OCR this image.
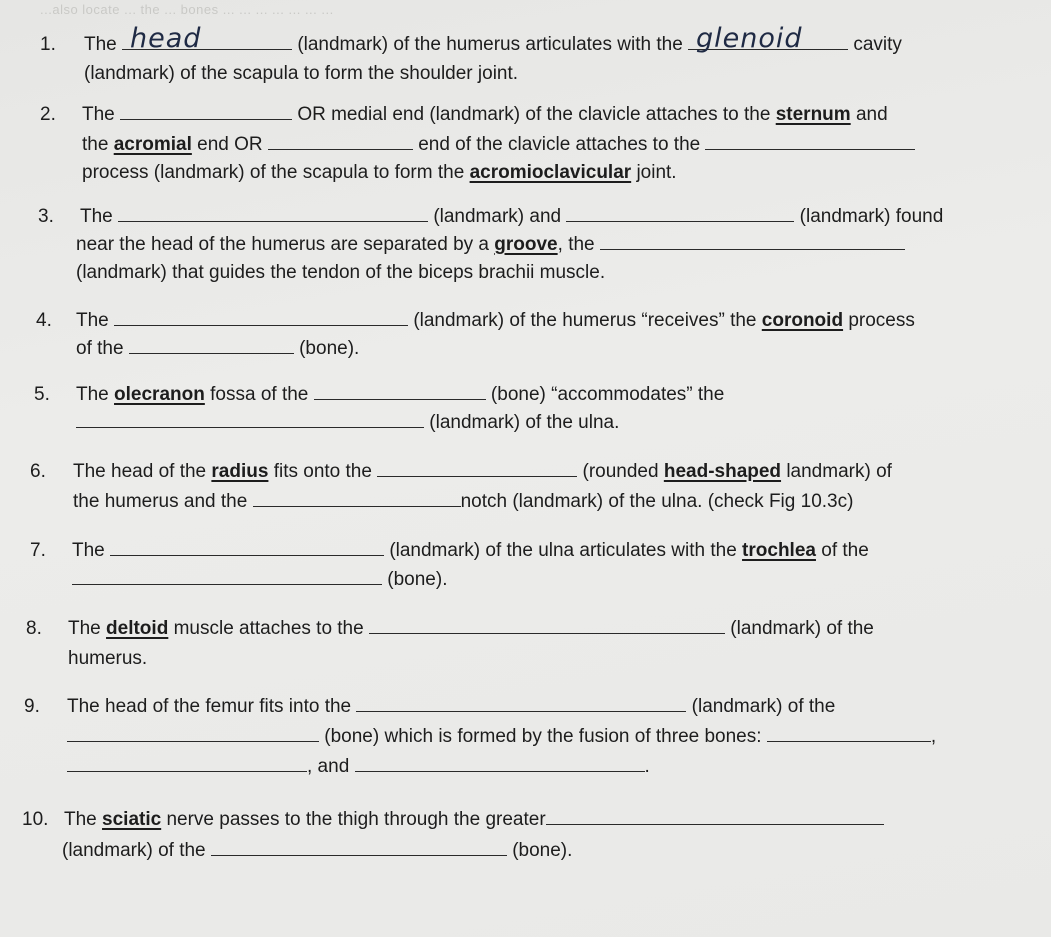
...also locate ... the ... bones ... ... ... ... ... ... ...
1. The head	(landmark) of the humerus articulates with the glenoid	cavity
(landmark) of the scapula to form the shoulder joint.
2. The	OR medial end (landmark) of the clavicle attaches to the sternum and
the acromial end OR	end of the clavicle attaches to the
process (landmark) of the scapula to form the acromioclavicular joint.
3. The	(landmark) and	(landmark) found
near the head of the humerus are separated by a groove, the
(landmark) that guides the tendon of the biceps brachii muscle.
4. The	(landmark) of the humerus “receives” the coronoid process
of the	(bone).
5. The olecranon fossa of the	(bone) “accommodates” the
(landmark) of the ulna.
6. The head of the radius fits onto the	(rounded head-shaped landmark) of
the humerus and the	notch (landmark) of the ulna. (check Fig 10.3c)
7. The	(landmark) of the ulna articulates with the trochlea of the
(bone).
8. The deltoid muscle attaches to the	(landmark) of the
humerus.
9. The head of the femur fits into the	(landmark) of the
(bone) which is formed by the fusion of three bones:	,
, and	.
10. The sciatic nerve passes to the thigh through the greater
(landmark) of the	(bone).
